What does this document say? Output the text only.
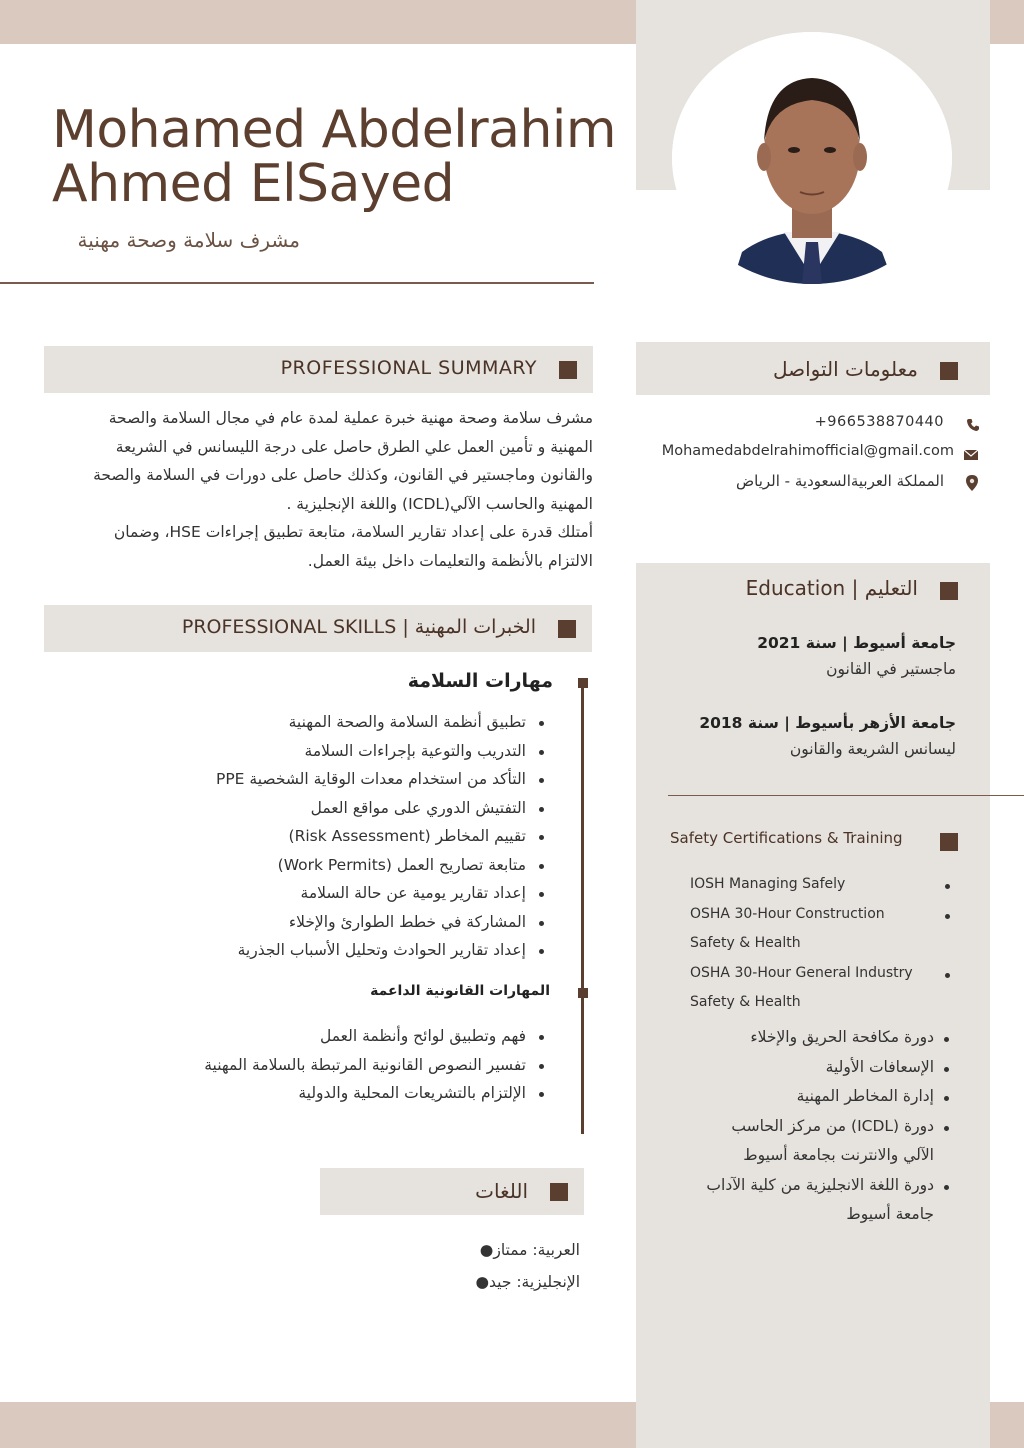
Mohamed Abdelrahim
Ahmed ElSayed
مشرف سلامة وصحة مهنية
PROFESSIONAL SUMMARY
مشرف سلامة وصحة مهنية خبرة عملية لمدة عام في مجال السلامة والصحة
المهنية و تأمين العمل علي الطرق حاصل على درجة الليسانس في الشريعة
والقانون وماجستير في القانون، وكذلك حاصل على دورات في السلامة والصحة
المهنية والحاسب الآلي(ICDL) واللغة الإنجليزية .
أمتلك قدرة على إعداد تقارير السلامة، متابعة تطبيق إجراءات HSE، وضمان
الالتزام بالأنظمة والتعليمات داخل بيئة العمل.
PROFESSIONAL SKILLS | الخبرات المهنية
مهارات السلامة
تطبيق أنظمة السلامة والصحة المهنية
التدريب والتوعية بإجراءات السلامة
التأكد من استخدام معدات الوقاية الشخصية PPE
التفتيش الدوري على مواقع العمل
تقييم المخاطر (Risk Assessment)
متابعة تصاريح العمل (Work Permits)
إعداد تقارير يومية عن حالة السلامة
المشاركة في خطط الطوارئ والإخلاء
إعداد تقارير الحوادث وتحليل الأسباب الجذرية
المهارات القانونية الداعمة
فهم وتطبيق لوائح وأنظمة العمل
تفسير النصوص القانونية المرتبطة بالسلامة المهنية
الإلتزام بالتشريعات المحلية والدولية
اللغات
العربية: ممتاز●
الإنجليزية: جيد●
معلومات التواصل
+966538870440
Mohamedabdelrahimofficial@gmail.com
المملكة العربيةالسعودية - الرياض
Education | التعليم
جامعة أسيوط | سنة 2021
ماجستير في القانون
جامعة الأزهر بأسيوط | سنة 2018
ليسانس الشريعة والقانون
Safety Certifications & Training
IOSH Managing Safely
OSHA 30-Hour Construction
Safety & Health
OSHA 30-Hour General Industry
Safety & Health
دورة مكافحة الحريق والإخلاء
الإسعافات الأولية
إدارة المخاطر المهنية
دورة (ICDL) من مركز الحاسب
الآلي والانترنت بجامعة أسيوط
دورة اللغة الانجليزية من كلية الآداب
جامعة أسيوط
